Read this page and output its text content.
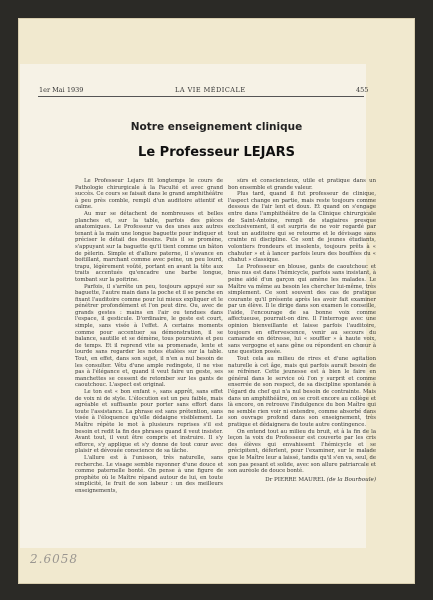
1er Mai 1939	LA VIE MÉDICALE	455
Notre enseignement clinique
Le Professeur LEJARS

Le Professeur Lejars fit longtemps le cours de Pathologie chirurgicale à la Faculté et avec grand succès. Ce cours se faisait dans le grand amphithéâtre à peu près comble, rempli d'un auditoire attentif et calme.

Au mur se détachent de nombreuses et belles planches et, sur la table, parfois des pièces anatomiques. Le Professeur va des unes aux autres tenant à la main une longue baguette pour indiquer et préciser le détail des dessins. Puis il se promène, s'appuyant sur la baguette qu'il tient comme un bâton de pèlerin. Simple et d'allure paterne, il s'avance en boitillant, marchant comme avec peine, un peu lourd, trapu, légèrement voûté, portant en avant la tête aux traits accentués qu'encadre une barbe longue, tombant sur la poitrine.

Parfois, il s'arrête un peu, toujours appuyé sur sa baguette, l'autre main dans la poche et il se penche en fixant l'auditoire comme pour lui mieux expliquer et le pénétrer profondément et l'on peut dire. Ou, avec de grands gestes : mains en l'air ou tendues dans l'espace, il gesticule. D'ordinaire, le geste est court, simple, sans visée à l'effet. A certains moments comme pour accentuer sa démonstration, il se balance, sautille et se démène, tous poursuivis et peu de temps. Et il reprend vite sa promenade, lente et lourde sans regarder les notes étalées sur la table. Tout, en effet, dans son sujet, il n'en a nul besoin de les consulter. Vêtu d'une ample redingote, il ne vise pas à l'élégance et, quand il veut faire un geste, ses manchettes se cessent de retomber sur les gants de caoutchouc. L'aspect est original.

Le ton est « bon enfant », sans apprêt, sans effet de voix ni de style. L'élocution est un peu faible, mais agréable et suffisante pour porter sans effort dans toute l'assistance. La phrase est sans prétention, sans visée à l'éloquence qu'elle dédaigne visiblement. Le Maître répète le mot à plusieurs reprises s'il est besoin et redit la fin des phrases quand il veut insister. Avant tout, il veut être compris et instruire. Il s'y efforce, s'y applique et s'y donne de tout cœur avec plaisir et dévouée conscience de sa tâche.

L'allure est à l'unisson, très naturelle, sans recherche. Le visage semble rayonner d'une douce et comme paternelle bonté. On pense à une figure de prophète où le Maître répand autour de lui, en toute simplicité, le fruit de son labeur : un des meilleurs enseignements,

sûrs et consciencieux, utile et pratique dans un bon ensemble et grande valeur.

Plus tard, quand il fut professeur de clinique, l'aspect change en partie, mais reste toujours comme dessous de l'air lent et doux. Et quand on s'engage entre dans l'amphithéâtre de la Clinique chirurgicale de Saint-Antoine, rempli de stagiaires presque exclusivement, il est surpris de ne voir regardé par tout un auditoire qui se retourne et le dévisage sans crainte ni discipline. Ce sont de jeunes étudiants, volontiers frondeurs et insolents, toujours prêts à « chahuter » et à lancer parfois leurs des bouffées du « chahut » classique.

Le Professeur en blouse, gants de caoutchouc et bras nus est dans l'hémicycle, parfois sans insistant, à peine aidé d'un garçon qui amène les malades. Le Maître va même au besoin les chercher lui-même, très simplement. Ce sont souvent des cas de pratique courante qu'il présente après les avoir fait examiner par un élève. Il le dirige dans son examen le conseille, l'aide, l'encourage de sa bonne voix comme affectueuse, pourrait-on dire. Il l'interroge avec une opinion bienveillante et laisse parfois l'auditoire, toujours en effervescence, venir au secours du camarade en détresse, lui « souffler » à haute voix, sans vergogne et sans gêne ou répondent en chœur à une question posée.

Tout cela au milieu de rires et d'une agitation naturelle à cet âge, mais qui parfois aurait besoin de se réfréner. Cette jeunesse est à bien le faire en général dans le service où l'on y surprit et comme enserrée de son respect, de sa discipline spontanée à l'égard du chef qui n'a nul besoin de contrainte. Mais dans un amphithéâtre, on se croit encore au collège et là encore, on retrouve l'indulgence du bon Maître qui ne semble rien voir ni entendre, comme absorbé dans son ouvrage profond dans son enseignement, très pratique et dédaignera de toute autre contingence.

On entend tout au milieu du bruit, et à la fin de la leçon la voix du Professeur est couverte par les cris des élèves qui envahissent l'hémicycle et se précipitent, déferlent, pour l'examiner, sur le malade que le Maître leur a laissé, tandis qu'il s'en va, seul, de son pas pesant et solide, avec son allure patriarcale et son auréole de douce bonté.

Dr PIERRE MAUREL (de la Bourboule)
2.6058
